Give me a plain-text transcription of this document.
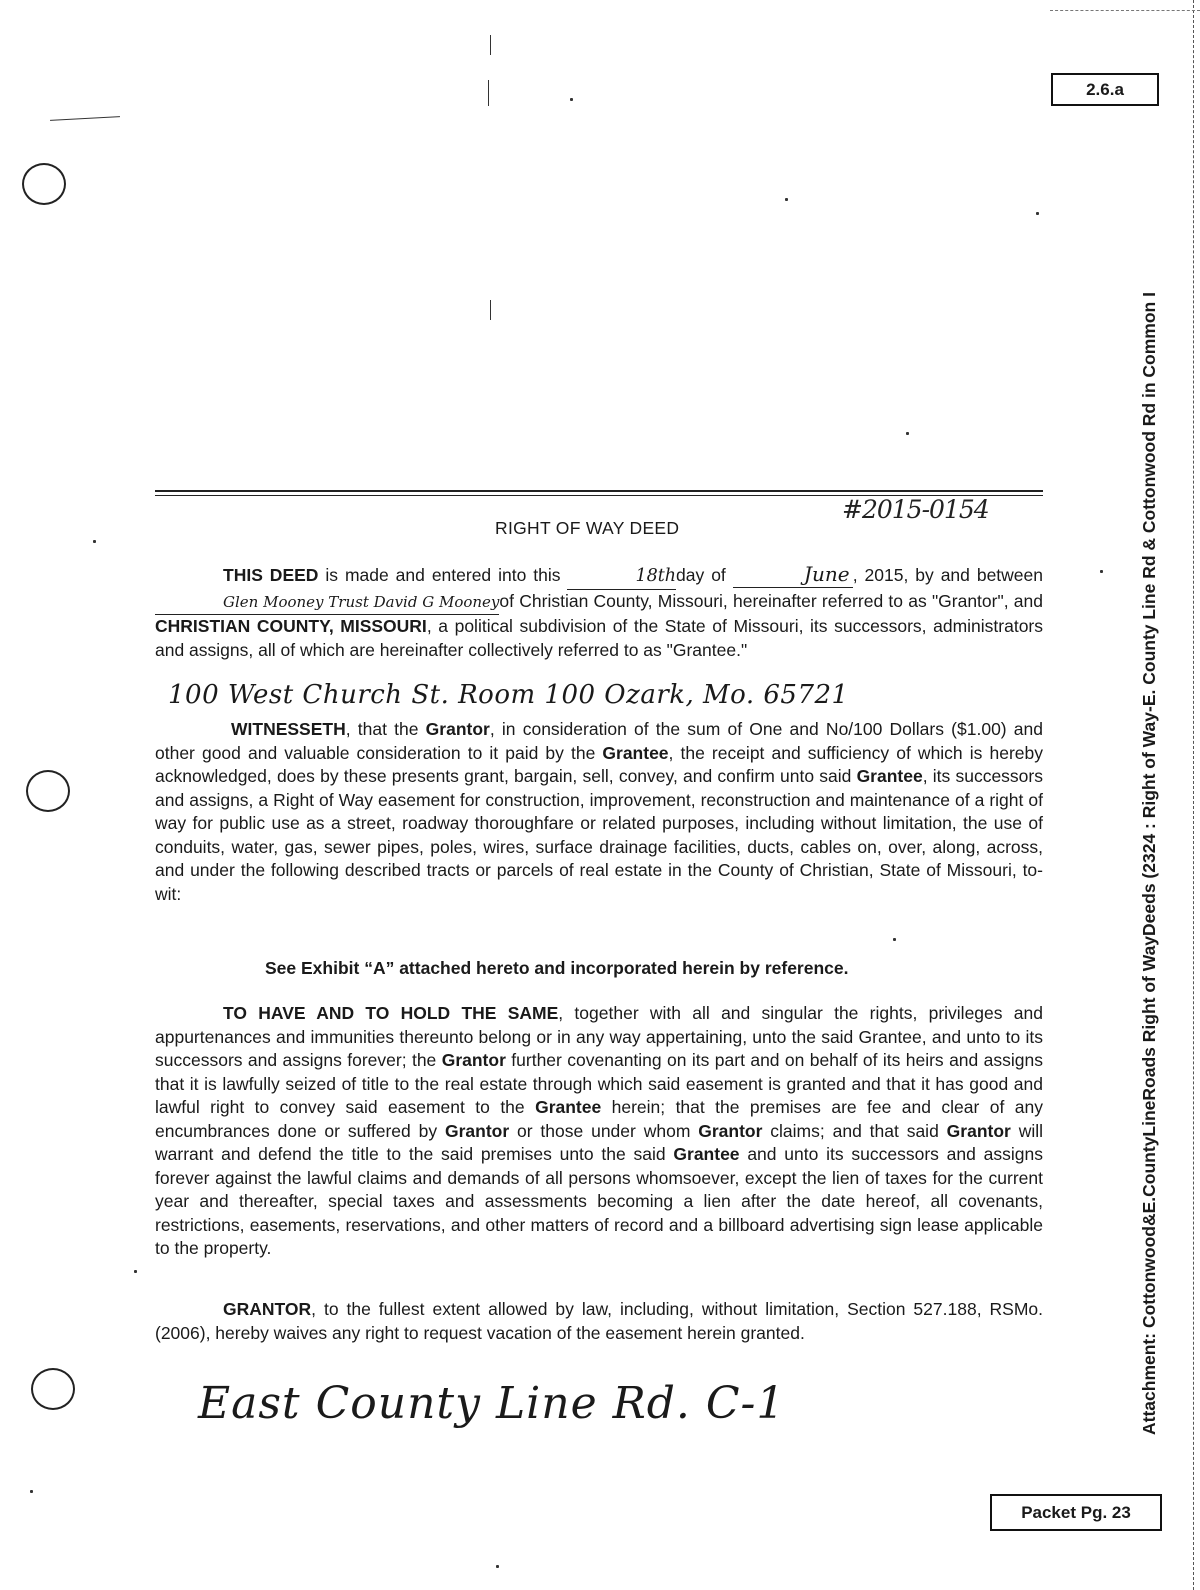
2.6.a
Attachment: Cottonwood&E.CountyLineRoads Right of WayDeeds (2324 : Right of Way-E. County Line Rd & Cottonwood Rd in Common I
#2015-0154
RIGHT OF WAY DEED
THIS DEED is made and entered into this	18thday of	June , 2015, by and betweenGlen Mooney Trust David G Mooneyof Christian County, Missouri, hereinafter referred to as "Grantor", and CHRISTIAN COUNTY, MISSOURI, a political subdivision of the State of Missouri, its successors, administrators and assigns, all of which are hereinafter collectively referred to as "Grantee."
100 West Church St. Room 100 Ozark, Mo. 65721
WITNESSETH, that the Grantor, in consideration of the sum of One and No/100 Dollars ($1.00) and other good and valuable consideration to it paid by the Grantee, the receipt and sufficiency of which is hereby acknowledged, does by these presents grant, bargain, sell, convey, and confirm unto said Grantee, its successors and assigns, a Right of Way easement for construction, improvement, reconstruction and maintenance of a right of way for public use as a street, roadway thoroughfare or related purposes, including without limitation, the use of conduits, water, gas, sewer pipes, poles, wires, surface drainage facilities, ducts, cables on, over, along, across, and under the following described tracts or parcels of real estate in the County of Christian, State of Missouri, to-wit:
See Exhibit “A” attached hereto and incorporated herein by reference.
TO HAVE AND TO HOLD THE SAME, together with all and singular the rights, privileges and appurtenances and immunities thereunto belong or in any way appertaining, unto the said Grantee, and unto to its successors and assigns forever; the Grantor further covenanting on its part and on behalf of its heirs and assigns that it is lawfully seized of title to the real estate through which said easement is granted and that it has good and lawful right to convey said easement to the Grantee herein; that the premises are fee and clear of any encumbrances done or suffered by Grantor or those under whom Grantor claims; and that said Grantor will warrant and defend the title to the said premises unto the said Grantee and unto its successors and assigns forever against the lawful claims and demands of all persons whomsoever, except the lien of taxes for the current year and thereafter, special taxes and assessments becoming a lien after the date hereof, all covenants, restrictions, easements, reservations, and other matters of record and a billboard advertising sign lease applicable to the property.
GRANTOR, to the fullest extent allowed by law, including, without limitation, Section 527.188, RSMo. (2006), hereby waives any right to request vacation of the easement herein granted.
East County Line Rd. C-1
Packet Pg. 23
